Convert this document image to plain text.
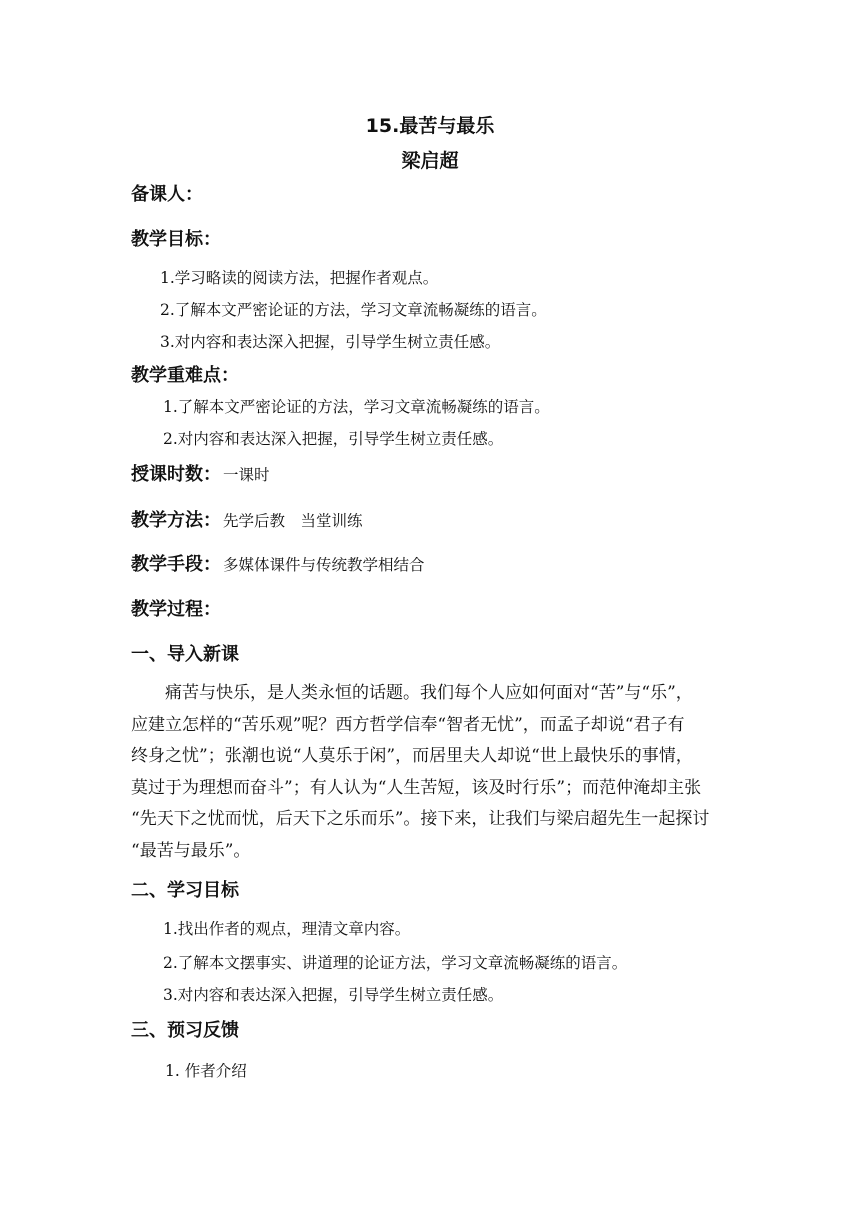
15.最苦与最乐
梁启超
备课人：
教学目标：
1.学习略读的阅读方法，把握作者观点。
2.了解本文严密论证的方法，学习文章流畅凝练的语言。
3.对内容和表达深入把握，引导学生树立责任感。
教学重难点：
1.了解本文严密论证的方法，学习文章流畅凝练的语言。
2.对内容和表达深入把握，引导学生树立责任感。
授课时数： 一课时
教学方法： 先学后教　当堂训练
教学手段： 多媒体课件与传统教学相结合
教学过程：
一、导入新课
　　痛苦与快乐，是人类永恒的话题。我们每个人应如何面对“苦”与“乐”，
应建立怎样的“苦乐观”呢？西方哲学信奉“智者无忧”，而孟子却说“君子有
终身之忧”；张潮也说“人莫乐于闲”，而居里夫人却说“世上最快乐的事情，
莫过于为理想而奋斗”；有人认为“人生苦短，该及时行乐”；而范仲淹却主张
“先天下之忧而忧，后天下之乐而乐”。接下来，让我们与梁启超先生一起探讨
“最苦与最乐”。
二、学习目标
1.找出作者的观点，理清文章内容。
2.了解本文摆事实、讲道理的论证方法，学习文章流畅凝练的语言。
3.对内容和表达深入把握，引导学生树立责任感。
三、预习反馈
1. 作者介绍
